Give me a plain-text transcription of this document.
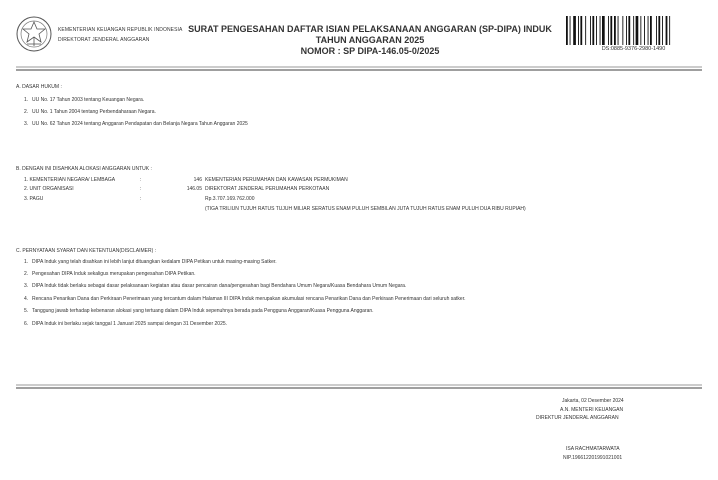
KEMENTERIAN KEUANGAN REPUBLIK INDONESIA
DIREKTORAT JENDERAL ANGGARAN
SURAT PENGESAHAN DAFTAR ISIAN PELAKSANAAN ANGGARAN (SP-DIPA) INDUK
TAHUN ANGGARAN 2025
NOMOR : SP DIPA-146.05-0/2025	DS:0885-9376-2980-1490
A. DASAR HUKUM :
1. UU No. 17 Tahun 2003 tentang Keuangan Negara.
2. UU No. 1 Tahun 2004 tentang Perbendaharaan Negara.
3. UU No. 62 Tahun 2024 tentang Anggaran Pendapatan dan Belanja Negara Tahun Anggaran 2025
B. DENGAN INI DISAHKAN ALOKASI ANGGARAN UNTUK :
1. KEMENTERIAN NEGARA/ LEMBAGA	:	146 KEMENTERIAN PERUMAHAN DAN KAWASAN PERMUKIMAN
2. UNIT ORGANISASI	:	146.05 DIREKTORAT JENDERAL PERUMAHAN PERKOTAAN
3. PAGU	:	Rp.3.707.169.762.000
(TIGA TRILIUN TUJUH RATUS TUJUH MILIAR SERATUS ENAM PULUH SEMBILAN JUTA TUJUH RATUS ENAM PULUH DUA RIBU RUPIAH)
C. PERNYATAAN SYARAT DAN KETENTUAN(DISCLAIMER) :
1. DIPA Induk yang telah disahkan ini lebih lanjut dituangkan kedalam DIPA Petikan untuk masing-masing Satker.
2. Pengesahan DIPA Induk sekaligus merupakan pengesahan DIPA Petikan.
3. DIPA Induk tidak berlaku sebagai dasar pelaksanaan kegiatan atau dasar pencairan dana/pengesahan bagi Bendahara Umum Negara/Kuasa Bendahara Umum Negara.
4. Rencana Penarikan Dana dan Perkiraan Penerimaan yang tercantum dalam Halaman III DIPA Induk merupakan akumulasi rencana Penarikan Dana dan Perkiraan Penerimaan dari seluruh satker.
5. Tanggung jawab terhadap kebenaran alokasi yang tertuang dalam DIPA Induk sepenuhnya berada pada Pengguna Anggaran/Kuasa Pengguna Anggaran.
6. DIPA Induk ini berlaku sejak tanggal 1 Januari 2025 sampai dengan 31 Desember 2025.
Jakarta, 02 Desember 2024
A.N. MENTERI KEUANGAN
DIREKTUR JENDERAL ANGGARAN
ISA RACHMATARWATA
NIP.196612201991021001
